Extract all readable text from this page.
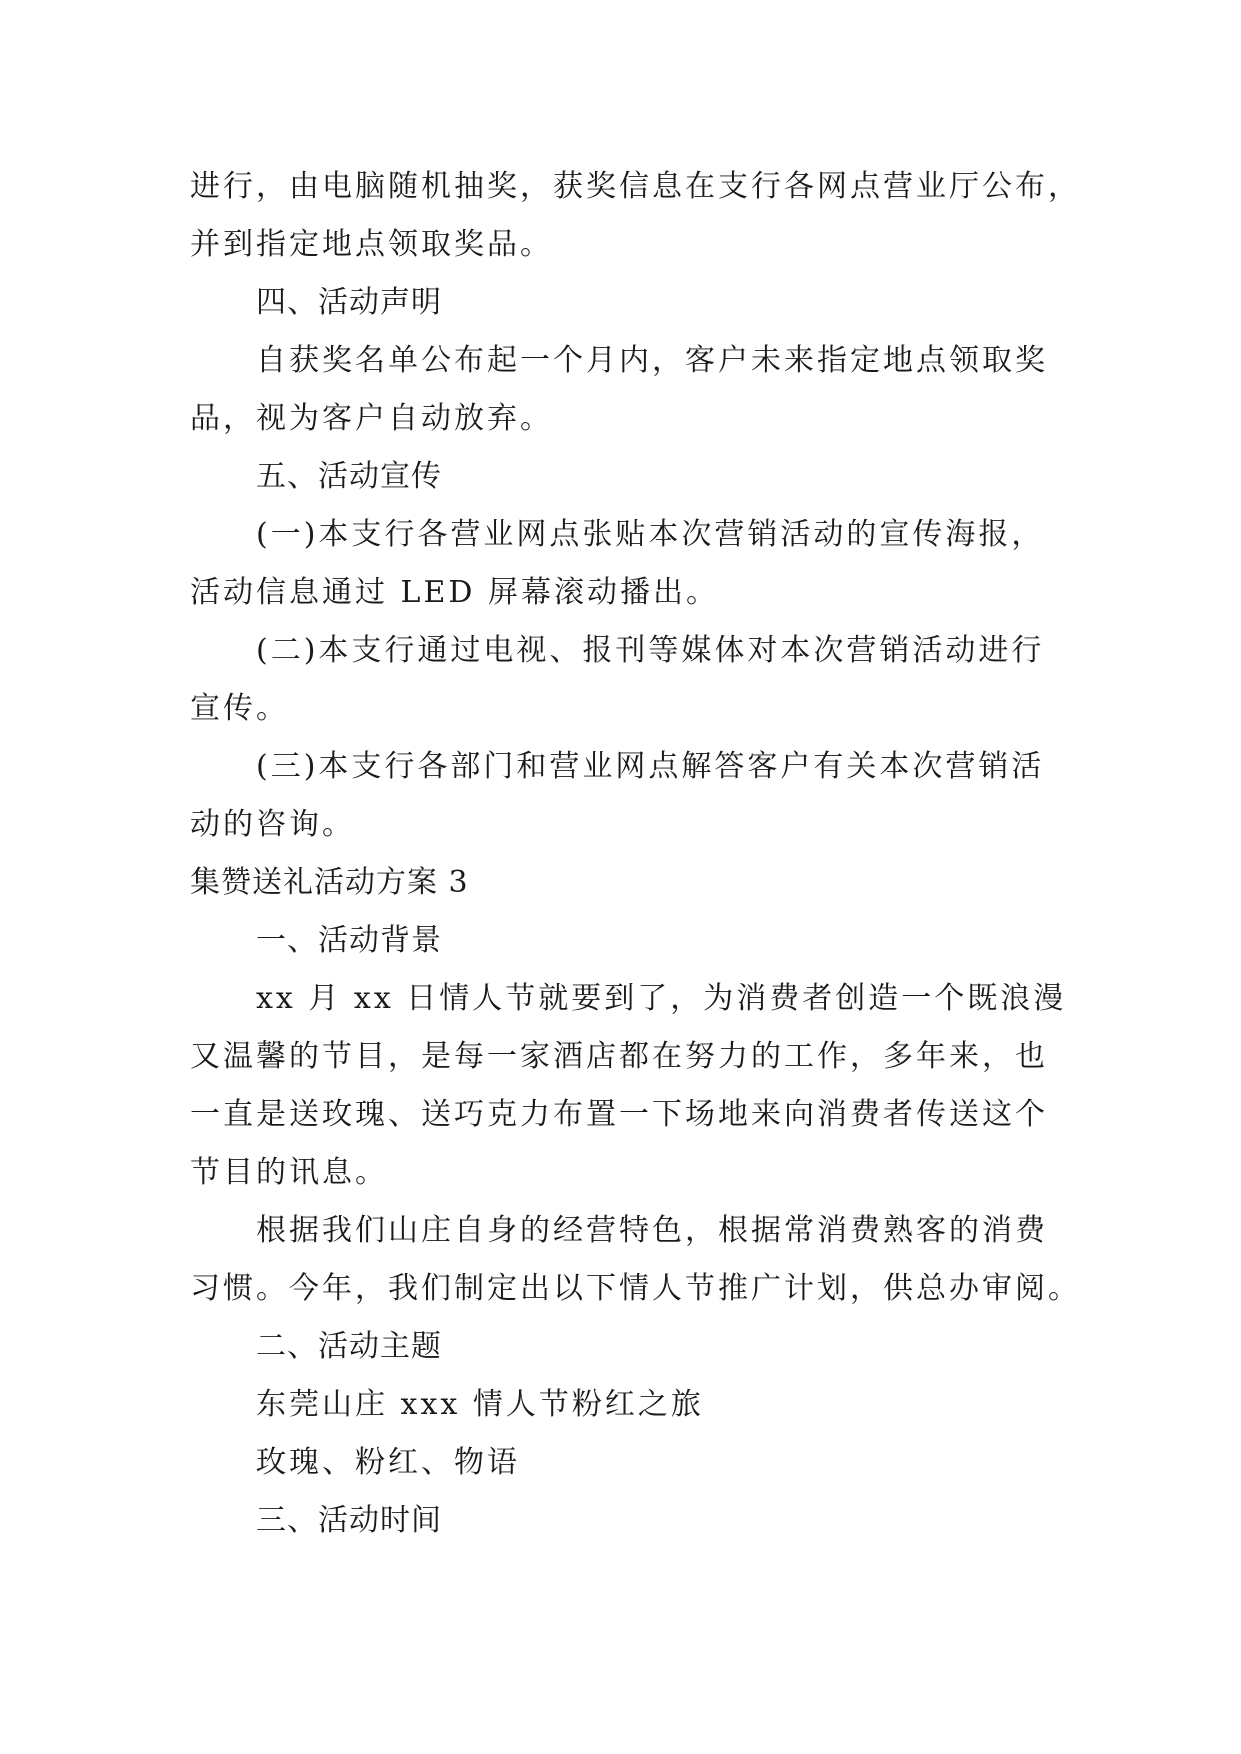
进行，由电脑随机抽奖，获奖信息在支行各网点营业厅公布，
并到指定地点领取奖品。
四、活动声明
自获奖名单公布起一个月内，客户未来指定地点领取奖
品，视为客户自动放弃。
五、活动宣传
(一)本支行各营业网点张贴本次营销活动的宣传海报，
活动信息通过 LED 屏幕滚动播出。
(二)本支行通过电视、报刊等媒体对本次营销活动进行
宣传。
(三)本支行各部门和营业网点解答客户有关本次营销活
动的咨询。
集赞送礼活动方案 3
一、活动背景
xx 月 xx 日情人节就要到了，为消费者创造一个既浪漫
又温馨的节目，是每一家酒店都在努力的工作，多年来，也
一直是送玫瑰、送巧克力布置一下场地来向消费者传送这个
节目的讯息。
根据我们山庄自身的经营特色，根据常消费熟客的消费
习惯。今年，我们制定出以下情人节推广计划，供总办审阅。
二、活动主题
东莞山庄 xxx 情人节粉红之旅
玫瑰、粉红、物语
三、活动时间
